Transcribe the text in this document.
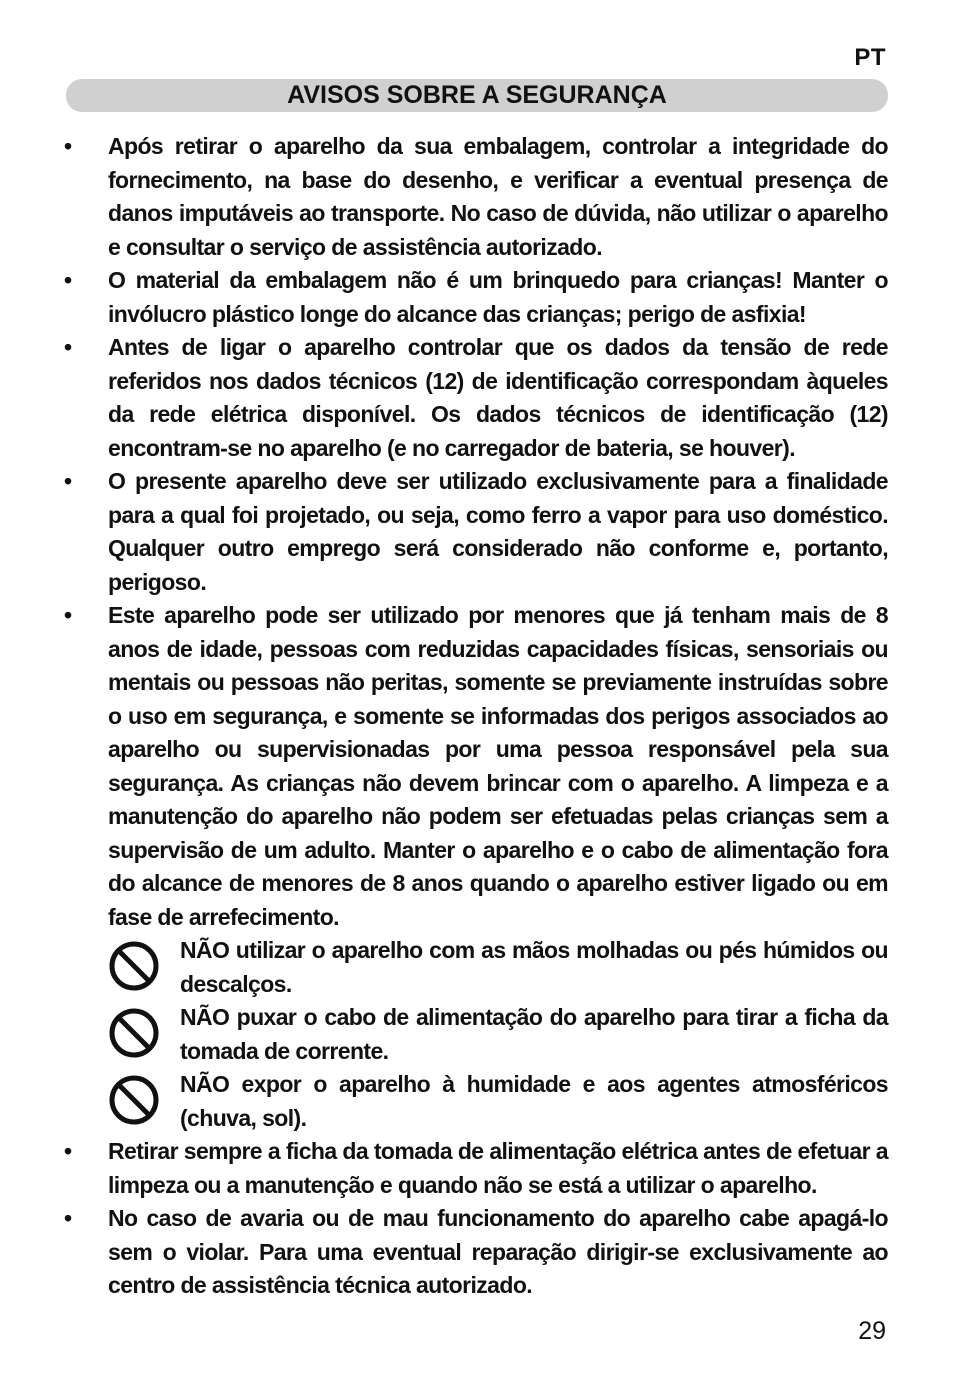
PT
AVISOS SOBRE A SEGURANÇA
•	Após retirar o aparelho da sua embalagem, controlar a integridade do fornecimento, na base do desenho, e verificar a eventual presença de danos imputáveis ao transporte. No caso de dúvida, não utilizar o aparelho e consultar o serviço de assistência autorizado.
•	O material da embalagem não é um brinquedo para crianças! Manter o invólucro plástico longe do alcance das crianças; perigo de asfixia!
•	Antes de ligar o aparelho controlar que os dados da tensão de rede referidos nos dados técnicos (12) de identificação correspondam àqueles da rede elétrica disponível. Os dados técnicos de identificação (12) encontram-se no aparelho (e no carregador de bateria, se houver).
•	O presente aparelho deve ser utilizado exclusivamente para a finalidade para a qual foi projetado, ou seja, como ferro a vapor para uso doméstico. Qualquer outro emprego será considerado não conforme e, portanto, perigoso.
•	Este aparelho pode ser utilizado por menores que já tenham mais de 8 anos de idade, pessoas com reduzidas capacidades físicas, sensoriais ou mentais ou pessoas não peritas, somente se previamente instruídas sobre o uso em segurança, e somente se informadas dos perigos associados ao aparelho ou supervisionadas por uma pessoa responsável pela sua segurança. As crianças não devem brincar com o aparelho. A limpeza e a manutenção do aparelho não podem ser efetuadas pelas crianças sem a supervisão de um adulto. Manter o aparelho e o cabo de alimentação fora do alcance de menores de 8 anos quando o aparelho estiver ligado ou em fase de arrefecimento.
NÃO utilizar o aparelho com as mãos molhadas ou pés húmidos ou descalços.
NÃO puxar o cabo de alimentação do aparelho para tirar a ficha da tomada de corrente.
NÃO expor o aparelho à humidade e aos agentes atmosféricos (chuva, sol).
•	Retirar sempre a ficha da tomada de alimentação elétrica antes de efetuar a limpeza ou a manutenção e quando não se está a utilizar o aparelho.
•	No caso de avaria ou de mau funcionamento do aparelho cabe apagá-lo sem o violar. Para uma eventual reparação dirigir-se exclusivamente ao centro de assistência técnica autorizado.
29
